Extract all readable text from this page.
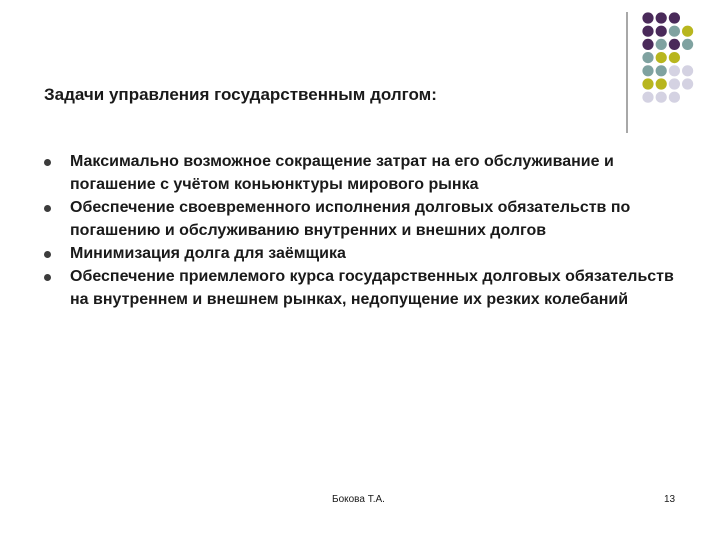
Задачи управления государственным долгом:
Максимально возможное сокращение затрат на его обслуживание и погашение с учётом коньюнктуры мирового рынка
Обеспечение своевременного исполнения долговых обязательств по погашению и обслуживанию внутренних и внешних долгов
Минимизация долга для заёмщика
Обеспечение приемлемого курса государственных долговых обязательств на внутреннем и внешнем рынках, недопущение их резких колебаний
Бокова Т.А.	13
